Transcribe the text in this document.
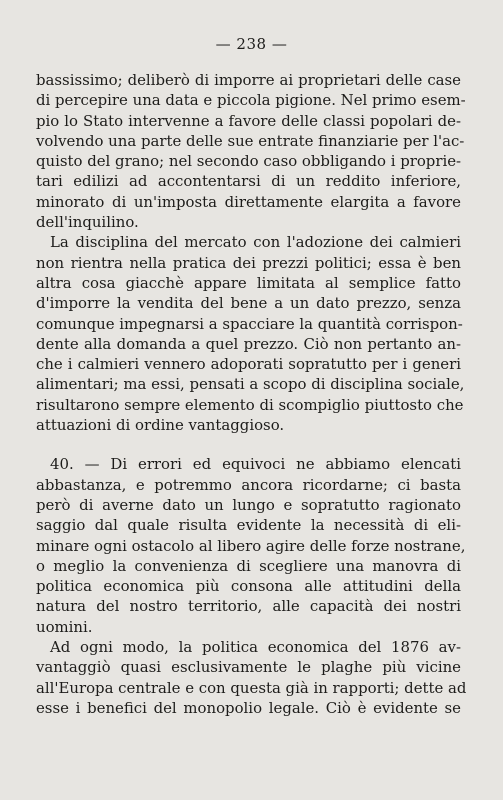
— 238 —
bassissimo; deliberò di imporre ai proprietari delle case
di percepire una data e piccola pigione. Nel primo esem-
pio lo Stato intervenne a favore delle classi popolari de-
volvendo una parte delle sue entrate finanziarie per l'ac-
quisto del grano; nel secondo caso obbligando i proprie-
tari edilizi ad accontentarsi di un reddito inferiore,
minorato di un'imposta direttamente elargita a favore
dell'inquilino.
La disciplina del mercato con l'adozione dei calmieri
non rientra nella pratica dei prezzi politici; essa è ben
altra cosa giacchè appare limitata al semplice fatto
d'imporre la vendita del bene a un dato prezzo, senza
comunque impegnarsi a spacciare la quantità corrispon-
dente alla domanda a quel prezzo. Ciò non pertanto an-
che i calmieri vennero adoporati sopratutto per i generi
alimentari; ma essi, pensati a scopo di disciplina sociale,
risultarono sempre elemento di scompiglio piuttosto che
attuazioni di ordine vantaggioso.
40. — Di errori ed equivoci ne abbiamo elencati
abbastanza, e potremmo ancora ricordarne; ci basta
però di averne dato un lungo e sopratutto ragionato
saggio dal quale risulta evidente la necessità di eli-
minare ogni ostacolo al libero agire delle forze nostrane,
o meglio la convenienza di scegliere una manovra di
politica economica più consona alle attitudini della
natura del nostro territorio, alle capacità dei nostri
uomini.
Ad ogni modo, la politica economica del 1876 av-
vantaggiò quasi esclusivamente le plaghe più vicine
all'Europa centrale e con questa già in rapporti; dette ad
esse i benefici del monopolio legale. Ciò è evidente se
